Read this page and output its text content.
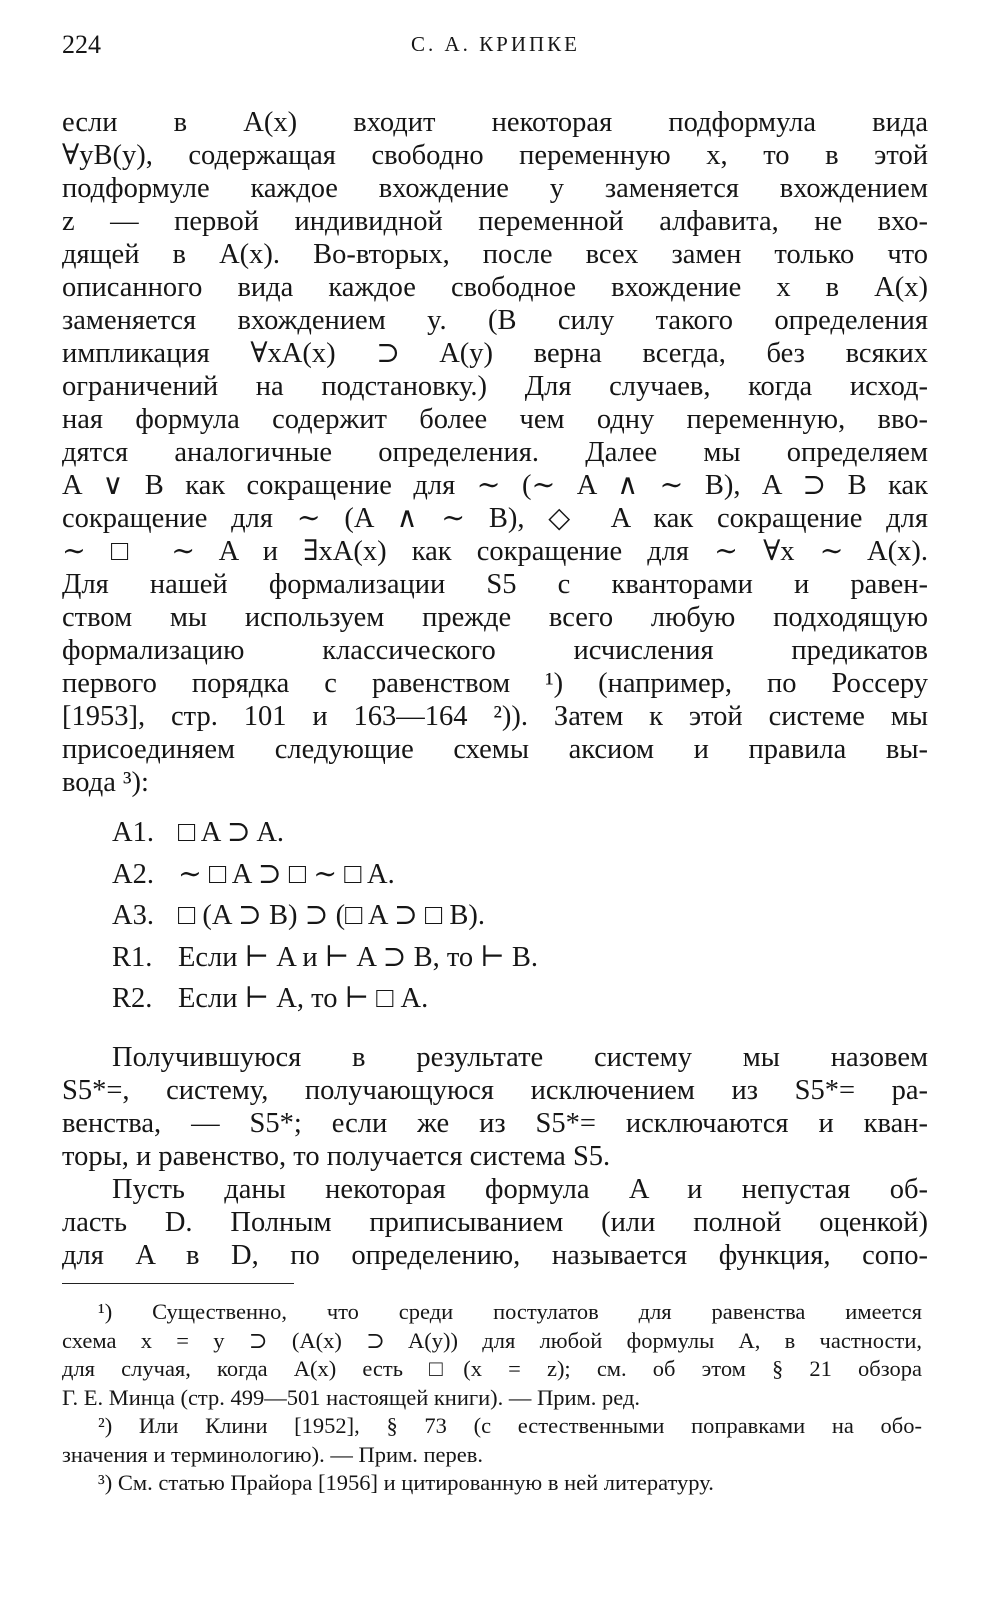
224	С. А. КРИПКЕ
если в A(x) входит некоторая подформула вида
∀yB(y), содержащая свободно переменную x, то в этой
подформуле каждое вхождение y заменяется вхождением
z — первой индивидной переменной алфавита, не вхо-
дящей в A(x). Во-вторых, после всех замен только что
описанного вида каждое свободное вхождение x в A(x)
заменяется вхождением y. (В силу такого определения
импликация ∀xA(x) ⊃ A(y) верна всегда, без всяких
ограничений на подстановку.) Для случаев, когда исход-
ная формула содержит более чем одну переменную, вво-
дятся аналогичные определения. Далее мы определяем
A ∨ B как сокращение для ∼ (∼ A ∧ ∼ B), A ⊃ B как
сокращение для ∼ (A ∧ ∼ B), ◇ A как сокращение для
∼ □ ∼ A и ∃xA(x) как сокращение для ∼ ∀x ∼ A(x).
Для нашей формализации S5 с кванторами и равен-
ством мы используем прежде всего любую подходящую
формализацию классического исчисления предикатов
первого порядка с равенством ¹) (например, по Россеру
[1953], стр. 101 и 163—164 ²)). Затем к этой системе мы
присоединяем следующие схемы аксиом и правила вы-
вода ³):
A1. □ A ⊃ A.
A2. ∼ □ A ⊃ □ ∼ □ A.
A3. □ (A ⊃ B) ⊃ (□ A ⊃ □ B).
R1. Если ⊢ A и ⊢ A ⊃ B, то ⊢ B.
R2. Если ⊢ A, то ⊢ □ A.
Получившуюся в результате систему мы назовем
S5*=, систему, получающуюся исключением из S5*= ра-
венства, — S5*; если же из S5*= исключаются и кван-
торы, и равенство, то получается система S5.
Пусть даны некоторая формула A и непустая об-
ласть D. Полным приписыванием (или полной оценкой)
для A в D, по определению, называется функция, сопо-
¹) Существенно, что среди постулатов для равенства имеется
схема x = y ⊃ (A(x) ⊃ A(y)) для любой формулы A, в частности,
для случая, когда A(x) есть □(x = z); см. об этом § 21 обзора
Г. Е. Минца (стр. 499—501 настоящей книги). — Прим. ред.
²) Или Клини [1952], § 73 (с естественными поправками на обо-
значения и терминологию). — Прим. перев.
³) См. статью Прайора [1956] и цитированную в ней литературу.
